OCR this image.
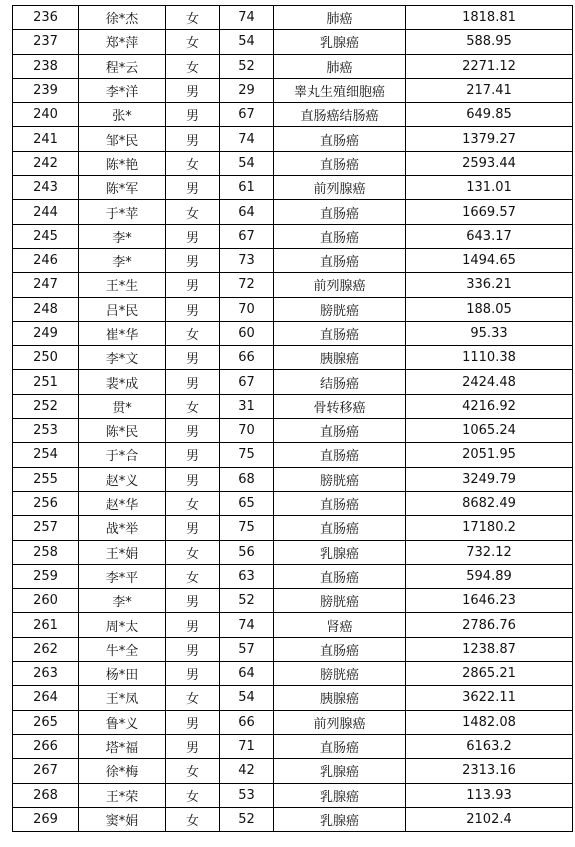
236	徐*杰	女	74	肺癌	1818.81
237	郑*萍	女	54	乳腺癌	588.95
238	程*云	女	52	肺癌	2271.12
239	李*洋	男	29	睾丸生殖细胞癌	217.41
240	张*	男	67	直肠癌结肠癌	649.85
241	邹*民	男	74	直肠癌	1379.27
242	陈*艳	女	54	直肠癌	2593.44
243	陈*军	男	61	前列腺癌	131.01
244	于*苹	女	64	直肠癌	1669.57
245	李*	男	67	直肠癌	643.17
246	李*	男	73	直肠癌	1494.65
247	王*生	男	72	前列腺癌	336.21
248	吕*民	男	70	膀胱癌	188.05
249	崔*华	女	60	直肠癌	95.33
250	李*文	男	66	胰腺癌	1110.38
251	裴*成	男	67	结肠癌	2424.48
252	贯*	女	31	骨转移癌	4216.92
253	陈*民	男	70	直肠癌	1065.24
254	于*合	男	75	直肠癌	2051.95
255	赵*义	男	68	膀胱癌	3249.79
256	赵*华	女	65	直肠癌	8682.49
257	战*举	男	75	直肠癌	17180.2
258	王*娟	女	56	乳腺癌	732.12
259	李*平	女	63	直肠癌	594.89
260	李*	男	52	膀胱癌	1646.23
261	周*太	男	74	肾癌	2786.76
262	牛*全	男	57	直肠癌	1238.87
263	杨*田	男	64	膀胱癌	2865.21
264	王*凤	女	54	胰腺癌	3622.11
265	鲁*义	男	66	前列腺癌	1482.08
266	塔*福	男	71	直肠癌	6163.2
267	徐*梅	女	42	乳腺癌	2313.16
268	王*荣	女	53	乳腺癌	113.93
269	窦*娟	女	52	乳腺癌	2102.4
